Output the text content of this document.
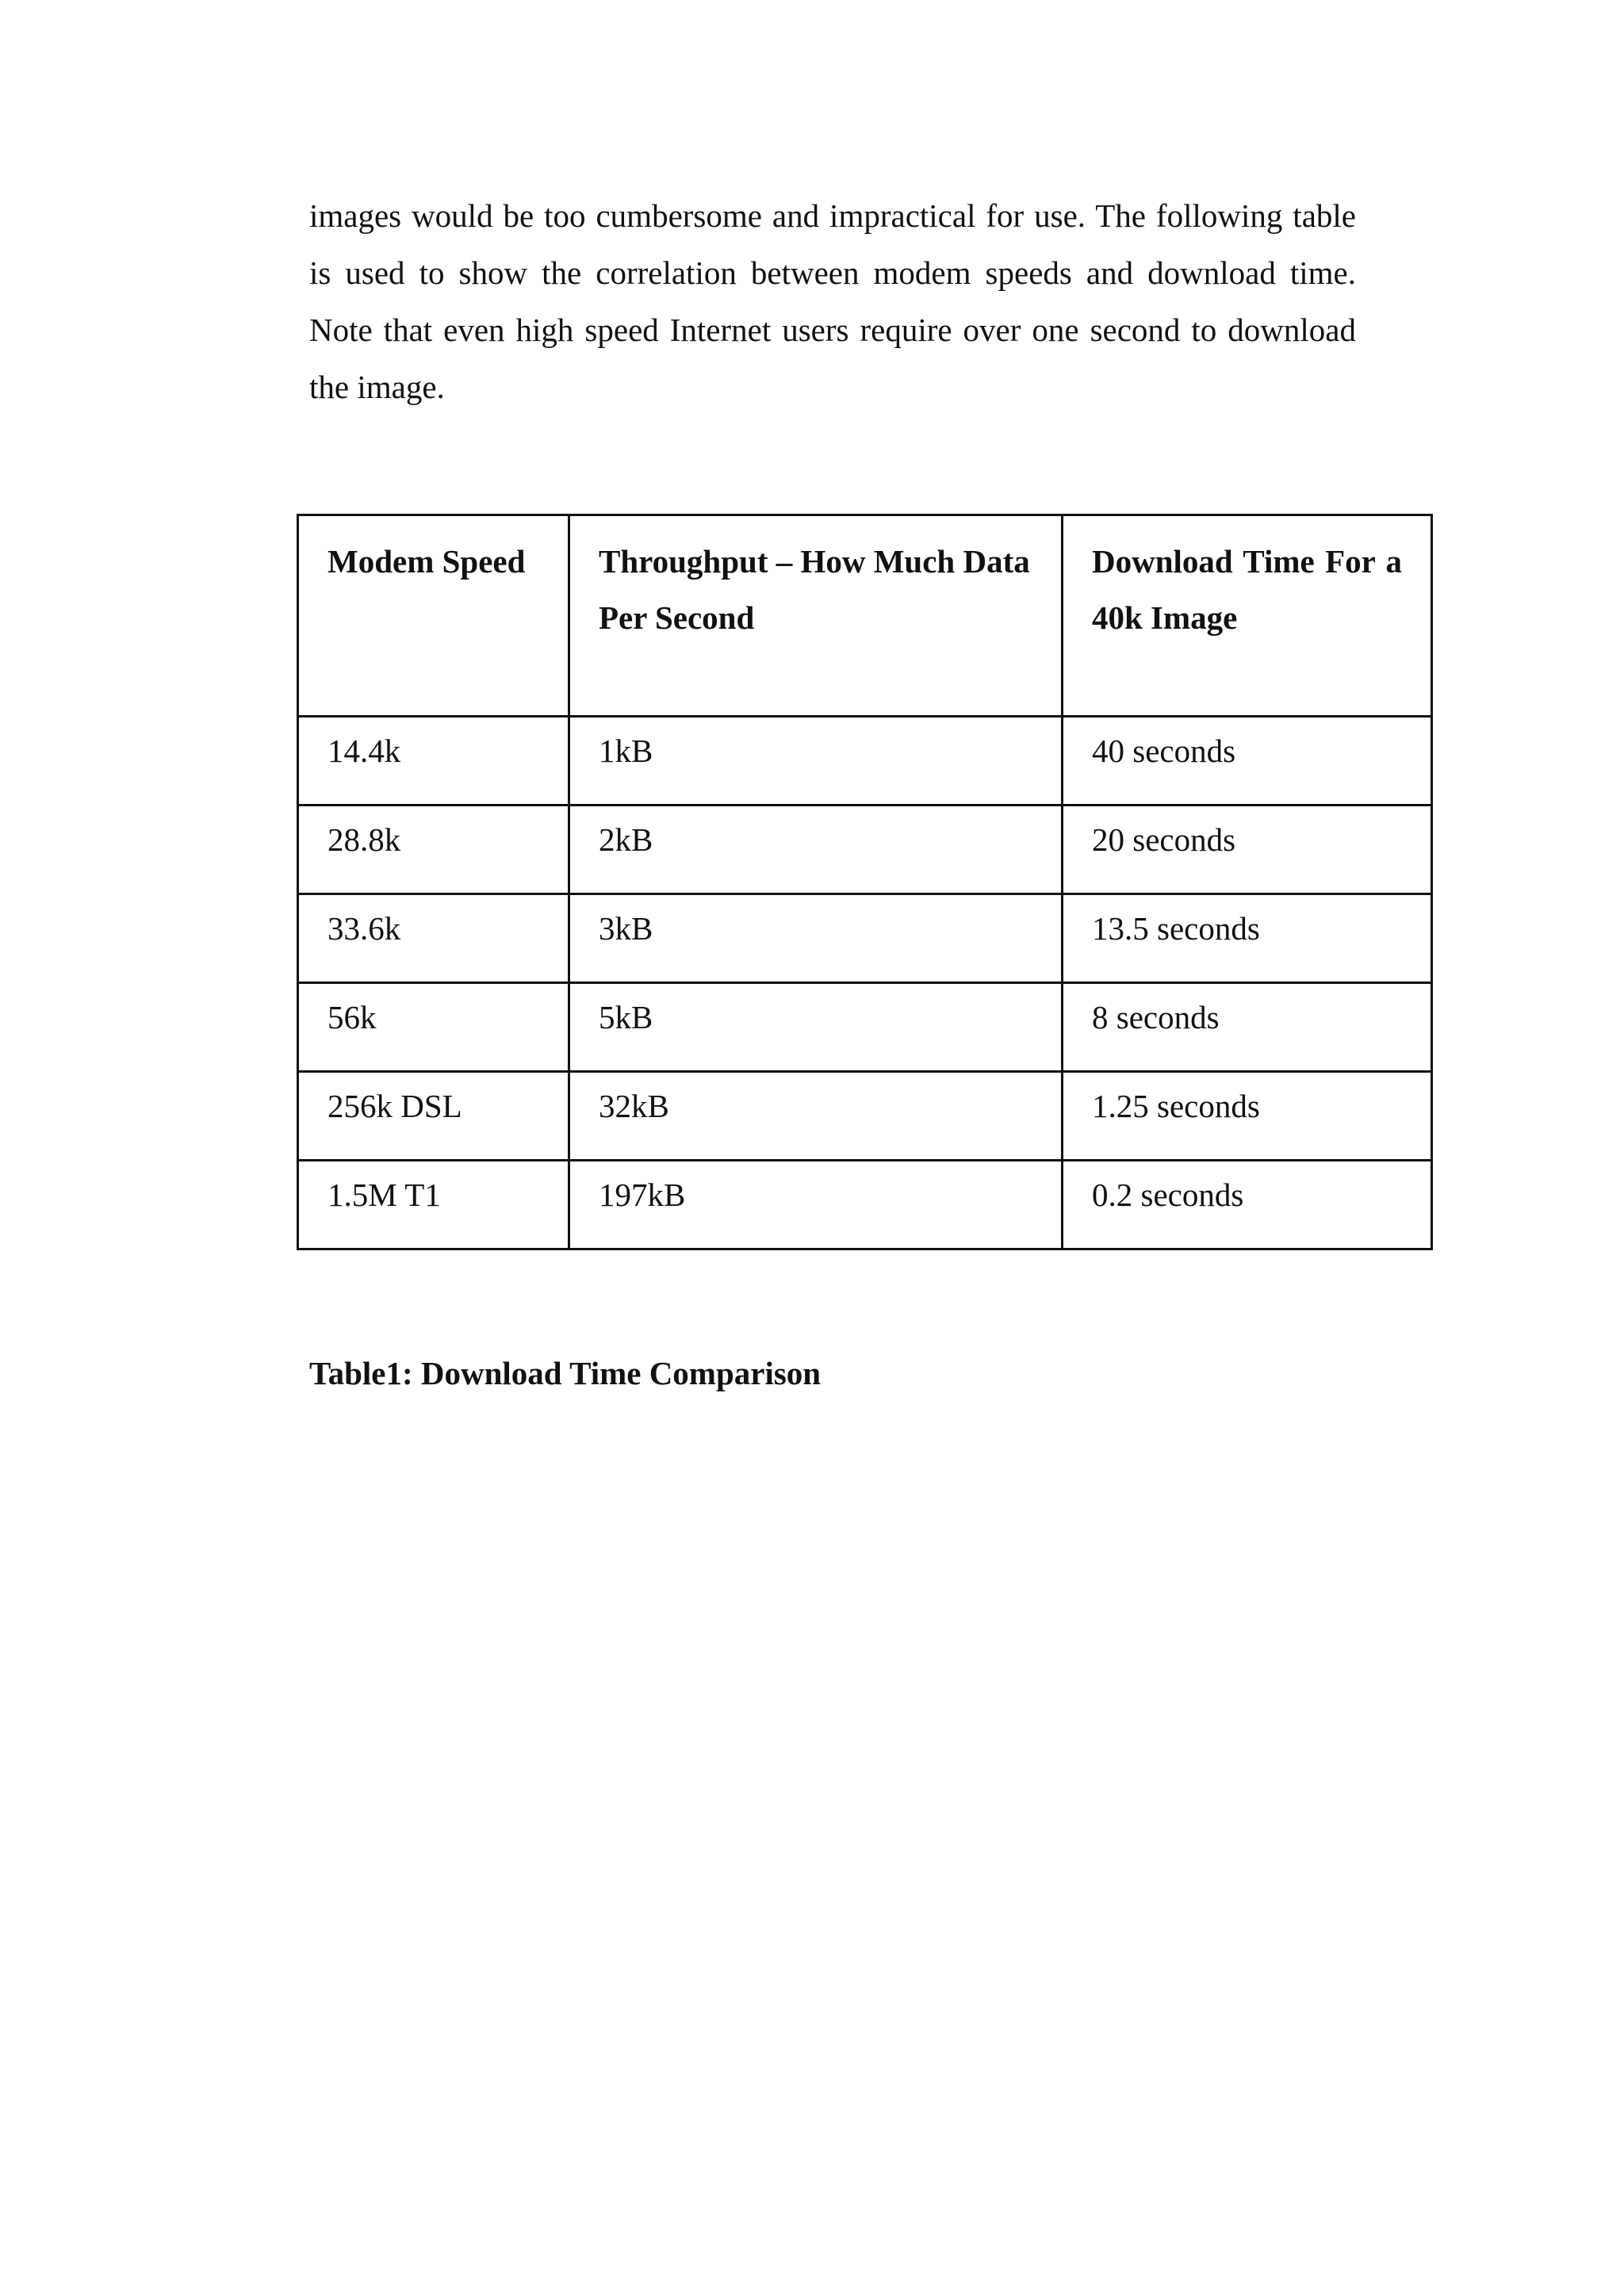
images would be too cumbersome and impractical for use. The following table is used to show the correlation between modem speeds and download time. Note that even high speed Internet users require over one second to download the image.

Modem Speed	Throughput – How Much Data Per Second	Download Time For a 40k Image
14.4k	1kB	40 seconds
28.8k	2kB	20 seconds
33.6k	3kB	13.5 seconds
56k	5kB	8 seconds
256k DSL	32kB	1.25 seconds
1.5M T1	197kB	0.2 seconds

Table1: Download Time Comparison
